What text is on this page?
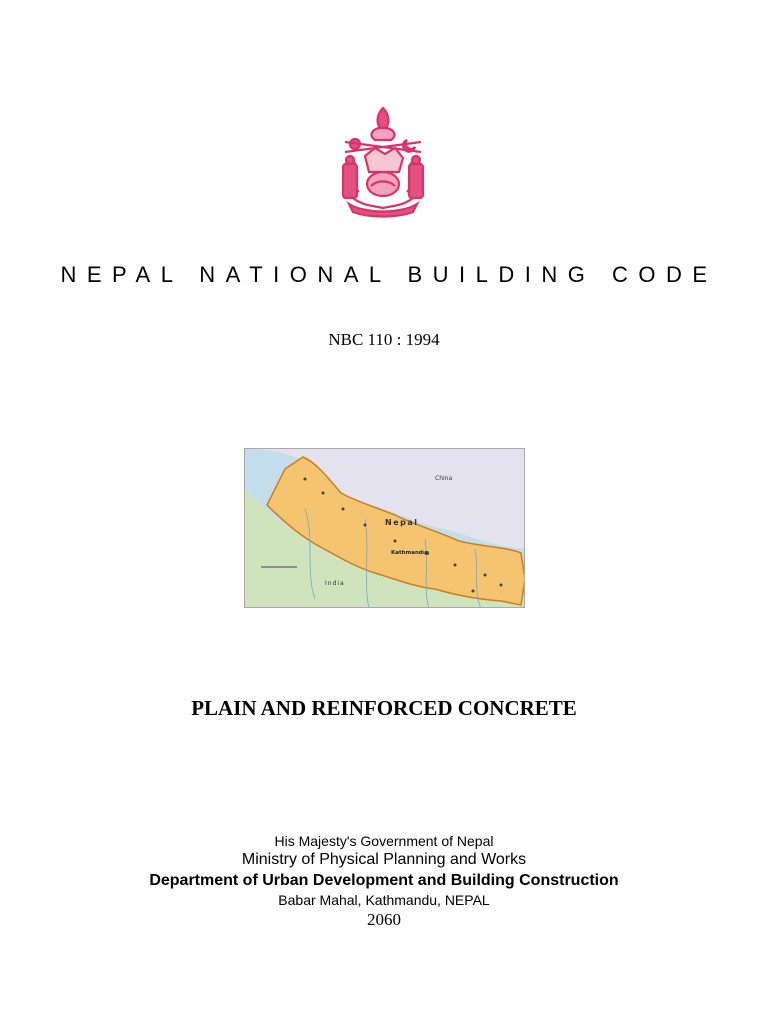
NEPAL NATIONAL BUILDING CODE
NBC 110 : 1994
China
Nepal
Kathmandu
India
PLAIN AND REINFORCED CONCRETE
His Majesty's Government of Nepal
Ministry of Physical Planning and Works
Department of Urban Development and Building Construction
Babar Mahal, Kathmandu, NEPAL
2060
